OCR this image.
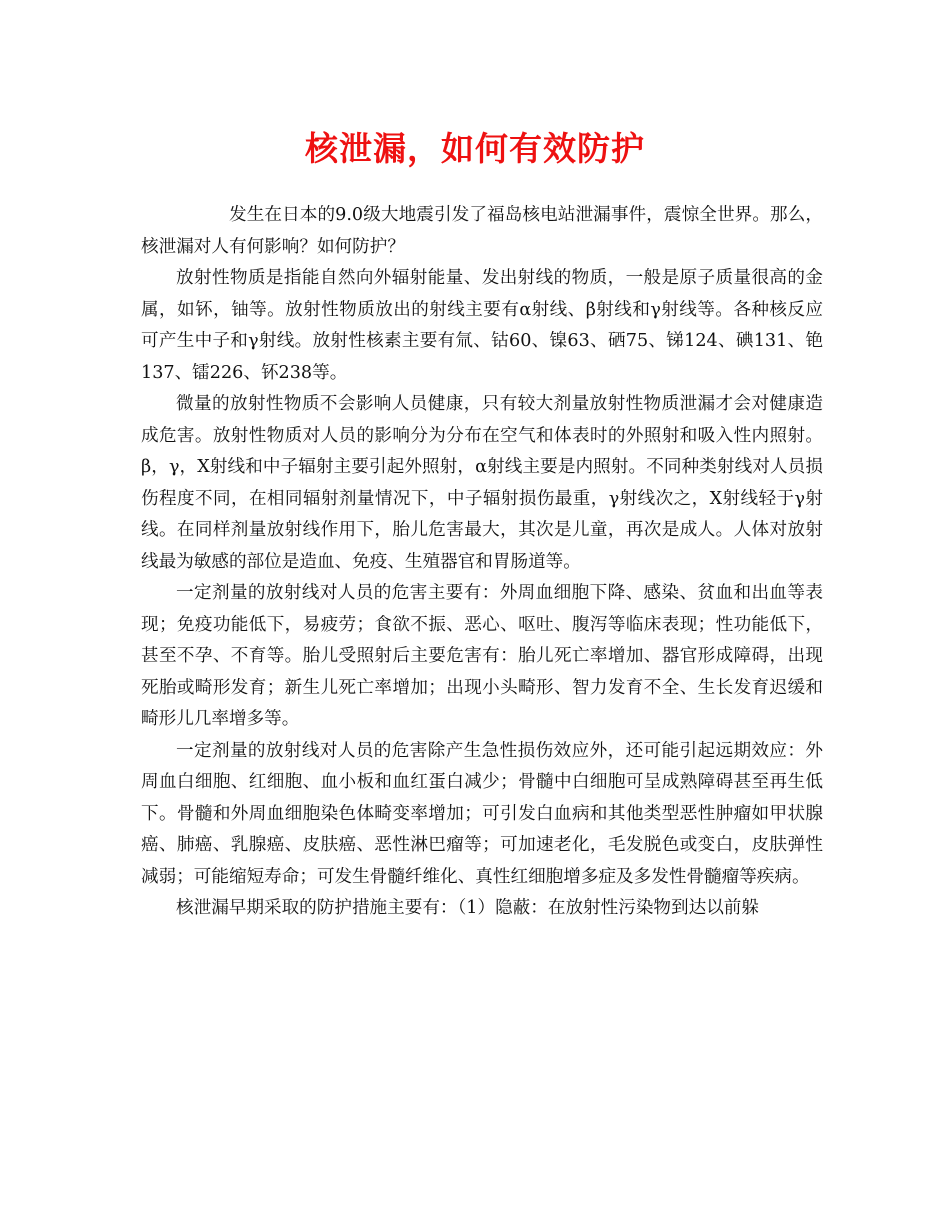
核泄漏，如何有效防护

发生在日本的9.0级大地震引发了福岛核电站泄漏事件，震惊全世界。那么，核泄漏对人有何影响？如何防护？

放射性物质是指能自然向外辐射能量、发出射线的物质，一般是原子质量很高的金属，如钚，铀等。放射性物质放出的射线主要有α射线、β射线和γ射线等。各种核反应可产生中子和γ射线。放射性核素主要有氚、钴60、镍63、硒75、锑124、碘131、铯137、镭226、钚238等。

微量的放射性物质不会影响人员健康，只有较大剂量放射性物质泄漏才会对健康造成危害。放射性物质对人员的影响分为分布在空气和体表时的外照射和吸入性内照射。β，γ，X射线和中子辐射主要引起外照射，α射线主要是内照射。不同种类射线对人员损伤程度不同，在相同辐射剂量情况下，中子辐射损伤最重，γ射线次之，X射线轻于γ射线。在同样剂量放射线作用下，胎儿危害最大，其次是儿童，再次是成人。人体对放射线最为敏感的部位是造血、免疫、生殖器官和胃肠道等。

一定剂量的放射线对人员的危害主要有：外周血细胞下降、感染、贫血和出血等表现；免疫功能低下，易疲劳；食欲不振、恶心、呕吐、腹泻等临床表现；性功能低下，甚至不孕、不育等。胎儿受照射后主要危害有：胎儿死亡率增加、器官形成障碍，出现死胎或畸形发育；新生儿死亡率增加；出现小头畸形、智力发育不全、生长发育迟缓和畸形儿几率增多等。

一定剂量的放射线对人员的危害除产生急性损伤效应外，还可能引起远期效应：外周血白细胞、红细胞、血小板和血红蛋白减少；骨髓中白细胞可呈成熟障碍甚至再生低下。骨髓和外周血细胞染色体畸变率增加；可引发白血病和其他类型恶性肿瘤如甲状腺癌、肺癌、乳腺癌、皮肤癌、恶性淋巴瘤等；可加速老化，毛发脱色或变白，皮肤弹性减弱；可能缩短寿命；可发生骨髓纤维化、真性红细胞增多症及多发性骨髓瘤等疾病。

核泄漏早期采取的防护措施主要有：（1）隐蔽：在放射性污染物到达以前躲
